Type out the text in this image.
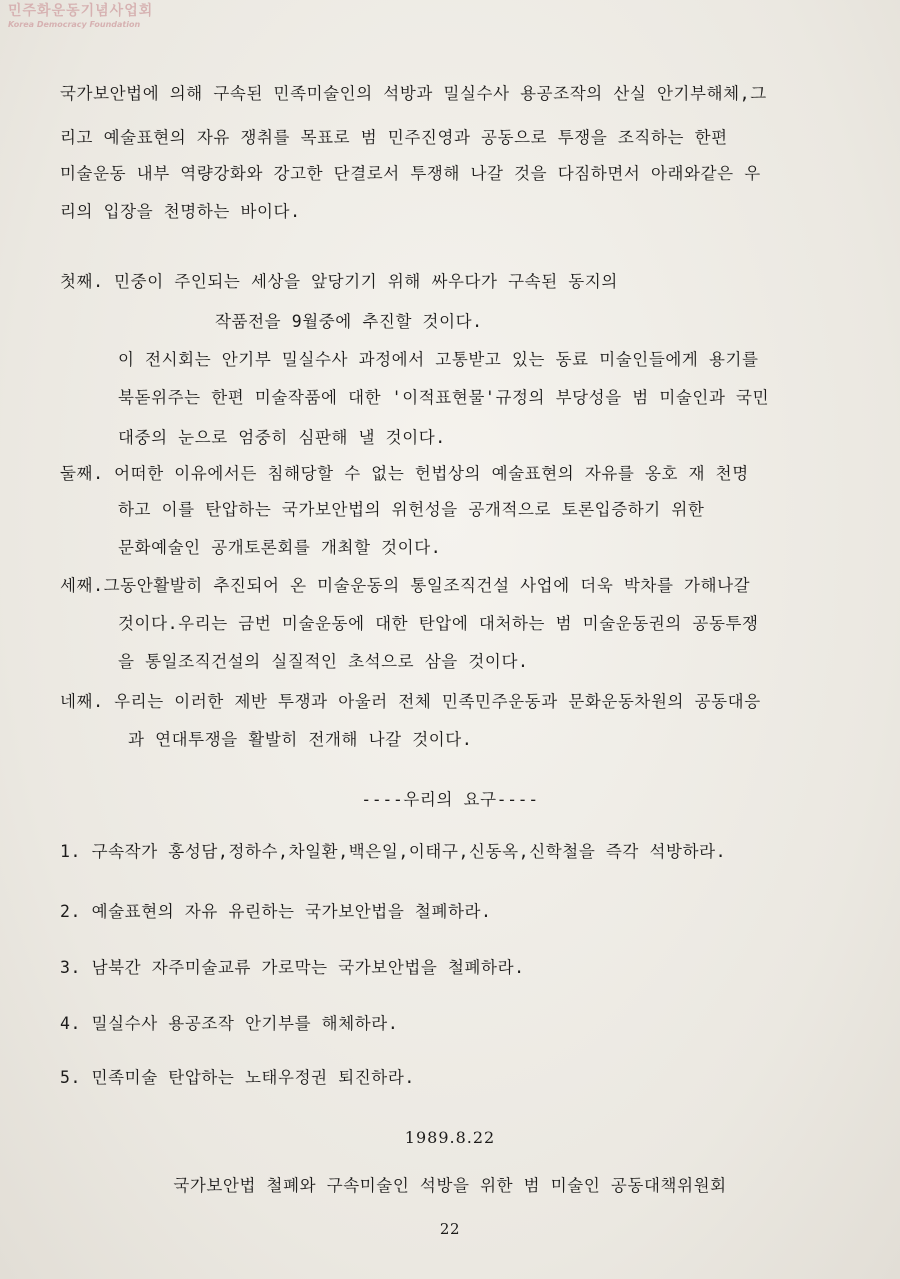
민주화운동기념사업회
Korea Democracy Foundation
국가보안법에 의해 구속된 민족미술인의 석방과 밀실수사 용공조작의 산실 안기부해체,그
리고 예술표현의 자유 쟁취를 목표로 범 민주진영과 공동으로 투쟁을 조직하는 한편
미술운동 내부 역량강화와 강고한 단결로서 투쟁해 나갈 것을 다짐하면서 아래와같은 우
리의 입장을 천명하는 바이다.
첫째. 민중이 주인되는 세상을 앞당기기 위해 싸우다가 구속된 동지의
작품전을 9월중에 추진할 것이다.
이 전시회는 안기부 밀실수사 과정에서 고통받고 있는 동료 미술인들에게 용기를
북돋위주는 한편 미술작품에 대한 '이적표현물'규정의 부당성을 범 미술인과 국민
대중의 눈으로 엄중히 심판해 낼 것이다.
둘째. 어떠한 이유에서든 침해당할 수 없는 헌법상의 예술표현의 자유를 옹호 재 천명
하고 이를 탄압하는 국가보안법의 위헌성을 공개적으로 토론입증하기 위한
문화예술인 공개토론회를 개최할 것이다.
세째.그동안활발히 추진되어 온 미술운동의 통일조직건설 사업에 더욱 박차를 가해나갈
것이다.우리는 금번 미술운동에 대한 탄압에 대처하는 범 미술운동권의 공동투쟁
을 통일조직건설의 실질적인 초석으로 삼을 것이다.
네째. 우리는 이러한 제반 투쟁과 아울러 전체 민족민주운동과 문화운동차원의 공동대응
과 연대투쟁을 활발히 전개해 나갈 것이다.
----우리의 요구----
1. 구속작가 홍성담,정하수,차일환,백은일,이태구,신동옥,신학철을 즉각 석방하라.
2. 예술표현의 자유 유린하는 국가보안법을 철폐하라.
3. 남북간 자주미술교류 가로막는 국가보안법을 철폐하라.
4. 밀실수사 용공조작 안기부를 해체하라.
5. 민족미술 탄압하는 노태우정권 퇴진하라.
1989.8.22
국가보안법 철폐와 구속미술인 석방을 위한 범 미술인 공동대책위원회
22
